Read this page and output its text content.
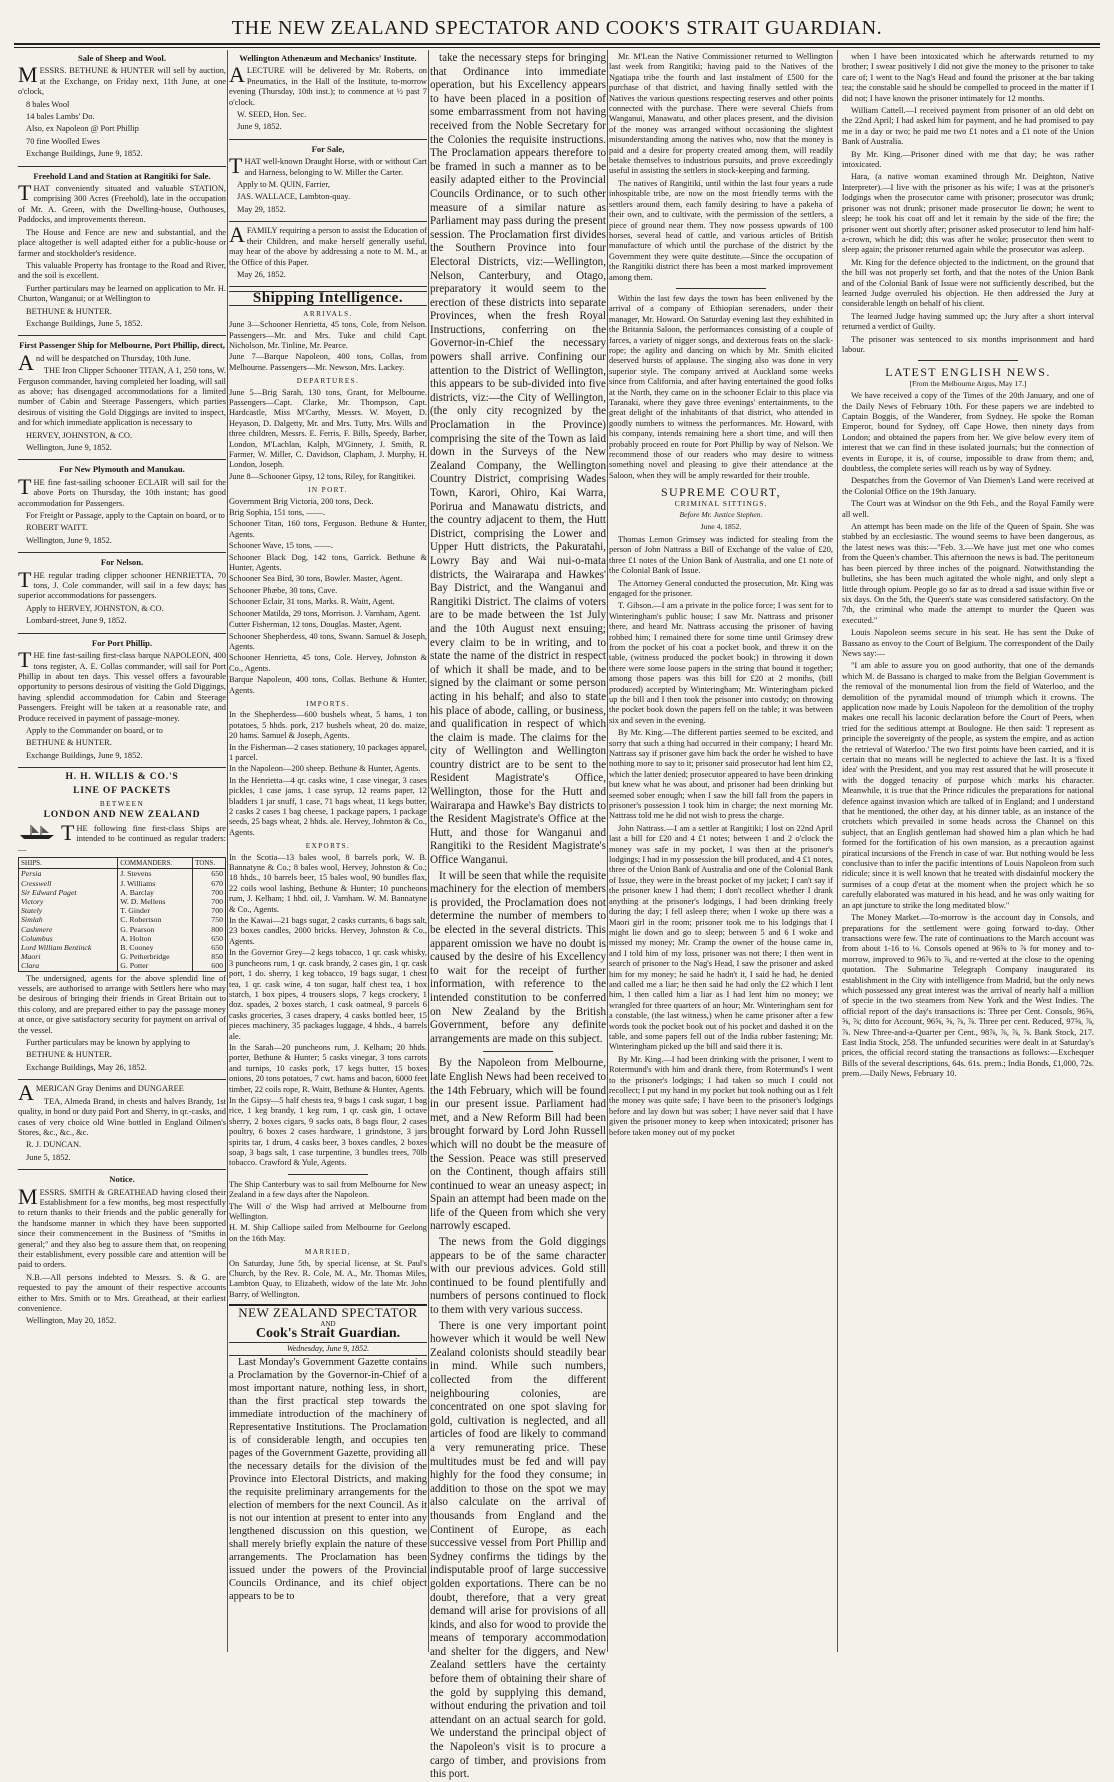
THE NEW ZEALAND SPECTATOR AND COOK'S STRAIT GUARDIAN.
Sale of Sheep and Wool.

MESSRS. BETHUNE & HUNTER will sell by auction, at the Exchange, on Friday next, 11th June, at one o'clock,

8 bales Wool

14 bales Lambs' Do.

Also, ex Napoleon @ Port Phillip

70 fine Woolled Ewes

Exchange Buildings, June 9, 1852.

Freehold Land and Station at Rangitiki for Sale.

THAT conveniently situated and valuable STATION, comprising 300 Acres (Freehold), late in the occupation of Mr. A. Green, with the Dwelling-house, Outhouses, Paddocks, and improvements thereon.

The House and Fence are new and substantial, and the place altogether is well adapted either for a public-house or farmer and stockholder's residence.

This valuable Property has frontage to the Road and River, and the soil is excellent.

Further particulars may be learned on application to Mr. H. Churton, Wanganui; or at Wellington to

BETHUNE & HUNTER.

Exchange Buildings, June 5, 1852.

First Passenger Ship for Melbourne, Port Phillip, direct,

And will be despatched on Thursday, 10th June.

THE Iron Clipper Schooner TITAN, A 1, 250 tons, W. Ferguson commander, having completed her loading, will sail as above; has disengaged accommodations for a limited number of Cabin and Steerage Passengers, which parties desirous of visiting the Gold Diggings are invited to inspect, and for which immediate application is necessary to

HERVEY, JOHNSTON, & CO.

Wellington, June 9, 1852.

For New Plymouth and Manukau.

THE fine fast-sailing schooner ECLAIR will sail for the above Ports on Thursday, the 10th instant; has good accommodation for Passengers.

For Freight or Passage, apply to the Captain on board, or to

ROBERT WAITT.

Wellington, June 9, 1852.

For Nelson.

THE regular trading clipper schooner HENRIETTA, 70 tons, J. Cole commander, will sail in a few days; has superior accommodations for passengers.

Apply to HERVEY, JOHNSTON, & CO.

Lombard-street, June 9, 1852.

For Port Phillip.

THE fine fast-sailing first-class barque NAPOLEON, 400 tons register, A. E. Collas commander, will sail for Port Phillip in about ten days. This vessel offers a favourable opportunity to persons desirous of visiting the Gold Diggings, having splendid accommodation for Cabin and Steerage Passengers. Freight will be taken at a reasonable rate, and Produce received in payment of passage-money.

Apply to the Commander on board, or to

BETHUNE & HUNTER.

Exchange Buildings, June 9, 1852.

H. H. WILLIS & CO.'S
LINE OF PACKETS
BETWEEN
LONDON AND NEW ZEALAND

THE following fine first-class Ships are intended to be continued as regular traders:—

SHIPS.	COMMANDERS.	TONS.
Persia	J. Stevens	650
Cresswell	J. Williams	670
Sir Edward Paget	A. Barclay	700
Victory	W. D. Mellens	700
Stately	T. Ginder	700
Simlah	C. Robertson	750
Cashmere	G. Pearson	800
Columbus	A. Holton	650
Lord William Bentinck	B. Cooney	650
Maori	G. Petherbridge	850
Clara	G. Potter	600

The undersigned, agents for the above splendid line of vessels, are authorised to arrange with Settlers here who may be desirous of bringing their friends in Great Britain out to this colony, and are prepared either to pay the passage money at once, or give satisfactory security for payment on arrival of the vessel.

Further particulars may be known by applying to

BETHUNE & HUNTER.

Exchange Buildings, May 26, 1852.

AMERICAN Gray Denims and DUNGAREE

TEA, Almeda Brand, in chests and halves Brandy, 1st quality, in bond or duty paid Port and Sherry, in qr.-casks, and cases of very choice old Wine bottled in England Oilmen's Stores, &c., &c., &c.

R. J. DUNCAN.

June 5, 1852.

Notice.

MESSRS. SMITH & GREATHEAD having closed their Establishment for a few months, beg most respectfully to return thanks to their friends and the public generally for the handsome manner in which they have been supported since their commencement in the Business of "Smiths in general;" and they also beg to assure them that, on reopening their establishment, every possible care and attention will be paid to orders.

N.B.—All persons indebted to Messrs. S. & G. are requested to pay the amount of their respective accounts either to Mrs. Smith or to Mrs. Greathead, at their earliest convenience.

Wellington, May 20, 1852.

Wellington Athenæum and Mechanics' Institute.

ALECTURE will be delivered by Mr. Roberts, on Pneumatics, in the Hall of the Institute, to-morrow evening (Thursday, 10th inst.); to commence at ½ past 7 o'clock.

W. SEED, Hon. Sec.

June 9, 1852.

For Sale,

THAT well-known Draught Horse, with or without Cart and Harness, belonging to W. Miller the Carter.

Apply to M. QUIN, Farrier,

JAS. WALLACE, Lambton-quay.

May 29, 1852.

AFAMILY requiring a person to assist the Education of their Children, and make herself generally useful, may hear of the above by addressing a note to M. M., at the Office of this Paper.

May 26, 1852.

Shipping Intelligence.
ARRIVALS.

June 3—Schooner Henrietta, 45 tons, Cole, from Nelson. Passengers—Mr. and Mrs. Tuke and child Capt. Nicholson, Mr. Tinline, Mr. Pearce.

June 7—Barque Napoleon, 400 tons, Collas, from Melbourne. Passengers—Mr. Newson, Mrs. Lackey.

DEPARTURES.

June 5—Brig Sarah, 130 tons, Grant, for Melbourne. Passengers—Capt. Clarke, Mr. Thompson, Capt. Hardcastle, Miss M'Carthy, Messrs. W. Moyett, D. Heyason, D. Dalgetty, Mr. and Mrs. Tutty, Mrs. Wills and three children, Messrs. E. Ferris, F. Bills, Speedy, Barber, London, M'Lachlan, Kalph, M'Ginnety, J. Smith, R. Farmer, W. Miller, C. Davidson, Clapham, J. Murphy, H. London, Joseph.

June 8—Schooner Gipsy, 12 tons, Riley, for Rangitikei.

IN PORT.

Government Brig Victoria, 200 tons, Deck.

Brig Sophia, 151 tons, ——.

Schooner Titan, 160 tons, Ferguson. Bethune & Hunter, Agents.

Schooner Wave, 15 tons, ——.

Schooner Black Dog, 142 tons, Garrick. Bethune & Hunter, Agents.

Schooner Sea Bird, 30 tons, Bowler. Master, Agent.

Schooner Phæbe, 30 tons, Cave.

Schooner Eclair, 31 tons, Marks. R. Waitt, Agent.

Schooner Matilda, 29 tons, Morrison. J. Varnham, Agent.

Cutter Fisherman, 12 tons, Douglas. Master, Agent.

Schooner Shepherdess, 40 tons, Swann. Samuel & Joseph, Agents.

Schooner Henrietta, 45 tons, Cole. Hervey, Johnston & Co., Agents.

Barque Napoleon, 400 tons, Collas. Bethune & Hunter, Agents.

IMPORTS.

In the Shepherdess—600 bushels wheat, 5 hams, 1 ton potatoes, 5 hhds. pork, 217 bushels wheat, 20 do. maize, 20 hams. Samuel & Joseph, Agents.

In the Fisherman—2 cases stationery, 10 packages apparel, 1 parcel.

In the Napoleon—200 sheep. Bethune & Hunter, Agents.

In the Henrietta—4 qr. casks wine, 1 case vinegar, 3 cases pickles, 1 case jams, 1 case syrup, 12 reams paper, 12 bladders 1 jar snuff, 1 case, 71 bags wheat, 11 kegs butter, 2 casks 2 cases 1 bag cheese, 1 package papers, 1 package seeds, 25 bags wheat, 2 hhds. ale. Hervey, Johnston & Co., Agents.

EXPORTS.

In the Scotia—13 bales wool, 8 barrels pork, W. B. Bannatyne & Co.; 8 bales wool, Hervey, Johnston & Co.; 18 hhds., 10 barrels beer, 15 bales wool, 90 bundles flax, 22 coils wool lashing, Bethune & Hunter; 10 puncheons rum, J. Kelham; 1 hhd. oil, J. Varnham. W. M. Bannatyne & Co., Agents.

In the Kawai—21 bags sugar, 2 casks currants, 6 bags salt, 23 boxes candles, 2000 bricks. Hervey, Johnston & Co., Agents.

In the Governor Grey—2 kegs tobacco, 1 qr. cask whisky, 3 puncheons rum, 1 qr. cask brandy, 2 cases gin, 1 qr. cask port, 1 do. sherry, 1 keg tobacco, 19 bags sugar, 1 chest tea, 1 qr. cask wine, 4 ton sugar, half chest tea, 1 box starch, 1 box pipes, 4 trousers slops, 7 kegs crockery, 1 doz. spades, 2 boxes starch, 1 cask oatmeal, 9 parcels 6 casks groceries, 3 cases drapery, 4 casks bottled beer, 15 pieces machinery, 35 packages luggage, 4 hhds., 4 barrels ale.

In the Sarah—20 puncheons rum, J. Kelham; 20 hhds. porter, Bethune & Hunter; 5 casks vinegar, 3 tons carrots and turnips, 10 casks pork, 17 kegs butter, 15 boxes onions, 20 tons potatoes, 7 cwt. hams and bacon, 6000 feet timber, 22 coils rope, R. Waitt, Bethune & Hunter, Agents.

In the Gipsy—5 half chests tea, 9 bags 1 cask sugar, 1 bag rice, 1 keg brandy, 1 keg rum, 1 qr. cask gin, 1 octave sherry, 2 boxes cigars, 9 sacks oats, 8 bags flour, 2 cases poultry, 6 boxes 2 cases hardware, 1 grindstone, 3 jars spirits tar, 1 drum, 4 casks beer, 3 boxes candles, 2 boxes soap, 3 bags salt, 1 case turpentine, 3 bundles trees, 70lb tobacco. Crawford & Yule, Agents.

The Ship Canterbury was to sail from Melbourne for New Zealand in a few days after the Napoleon.

The Will o' the Wisp had arrived at Melbourne from Wellington.

H. M. Ship Calliope sailed from Melbourne for Geelong on the 16th May.

MARRIED,

On Saturday, June 5th, by special license, at St. Paul's Church, by the Rev. R. Cole, M. A., Mr. Thomas Miles, Lambton Quay, to Elizabeth, widow of the late Mr. John Barry, of Wellington.

NEW ZEALAND SPECTATOR
AND
Cook's Strait Guardian.
Wednesday, June 9, 1852.

Last Monday's Government Gazette contains a Proclamation by the Governor-in-Chief of a most important nature, nothing less, in short, than the first practical step towards the immediate introduction of the machinery of Representative Institutions. The Proclamation is of considerable length, and occupies ten pages of the Government Gazette, providing all the necessary details for the division of the Province into Electoral Districts, and making the requisite preliminary arrangements for the election of members for the next Council. As it is not our intention at present to enter into any lengthened discussion on this question, we shall merely briefly explain the nature of these arrangements. The Proclamation has been issued under the powers of the Provincial Councils Ordinance, and its chief object appears to be to

take the necessary steps for bringing that Ordinance into immediate operation, but his Excellency appears to have been placed in a position of some embarrassment from not having received from the Noble Secretary for the Colonies the requisite instructions. The Proclamation appears therefore to be framed in such a manner as to be easily adapted either to the Provincial Councils Ordinance, or to such other measure of a similar nature as Parliament may pass during the present session. The Proclamation first divides the Southern Province into four Electoral Districts, viz:—Wellington, Nelson, Canterbury, and Otago, preparatory it would seem to the erection of these districts into separate Provinces, when the fresh Royal Instructions, conferring on the Governor-in-Chief the necessary powers shall arrive. Confining our attention to the District of Wellington, this appears to be sub-divided into five districts, viz:—the City of Wellington, (the only city recognized by the Proclamation in the Province) comprising the site of the Town as laid down in the Surveys of the New Zealand Company, the Wellington Country District, comprising Wades Town, Karori, Ohiro, Kai Warra, Porirua and Manawatu districts, and the country adjacent to them, the Hutt District, comprising the Lower and Upper Hutt districts, the Pakuratahi, Lowry Bay and Wai nui-o-mata districts, the Wairarapa and Hawkes' Bay District, and the Wanganui and Rangitiki District. The claims of voters are to be made between the 1st July and the 10th August next ensuing; every claim to be in writing, and to state the name of the district in respect of which it shall be made, and to be signed by the claimant or some person acting in his behalf; and also to state his place of abode, calling, or business, and qualification in respect of which the claim is made. The claims for the city of Wellington and Wellington country district are to be sent to the Resident Magistrate's Office, Wellington, those for the Hutt and Wairarapa and Hawke's Bay districts to the Resident Magistrate's Office at the Hutt, and those for Wanganui and Rangitiki to the Resident Magistrate's Office Wanganui.

It will be seen that while the requisite machinery for the election of members is provided, the Proclamation does not determine the number of members to be elected in the several districts. This apparent omission we have no doubt is caused by the desire of his Excellency to wait for the receipt of further information, with reference to the intended constitution to be conferred on New Zealand by the British Government, before any definite arrangements are made on this subject.

By the Napoleon from Melbourne, late English News had been received to the 14th February, which will be found in our present issue. Parliament had met, and a New Reform Bill had been brought forward by Lord John Russell which will no doubt be the measure of the Session. Peace was still preserved on the Continent, though affairs still continued to wear an uneasy aspect; in Spain an attempt had been made on the life of the Queen from which she very narrowly escaped.

The news from the Gold diggings appears to be of the same character with our previous advices. Gold still continued to be found plentifully and numbers of persons continued to flock to them with very various success.

There is one very important point however which it would be well New Zealand colonists should steadily bear in mind. While such numbers, collected from the different neighbouring colonies, are concentrated on one spot slaving for gold, cultivation is neglected, and all articles of food are likely to command a very remunerating price. These multitudes must be fed and will pay highly for the food they consume; in addition to those on the spot we may also calculate on the arrival of thousands from England and the Continent of Europe, as each successive vessel from Port Phillip and Sydney confirms the tidings by the indisputable proof of large successive golden exportations. There can be no doubt, therefore, that a very great demand will arise for provisions of all kinds, and also for wood to provide the means of temporary accommodation and shelter for the diggers, and New Zealand settlers have the certainty before them of obtaining their share of the gold by supplying this demand, without enduring the privation and toil attendant on an actual search for gold. We understand the principal object of the Napoleon's visit is to procure a cargo of timber, and provisions from this port.

Mr. M'Lean the Native Commissioner returned to Wellington last week from Rangitiki; having paid to the Natives of the Ngatiapa tribe the fourth and last instalment of £500 for the purchase of that district, and having finally settled with the Natives the various questions respecting reserves and other points connected with the purchase. There were several Chiefs from Wanganui, Manawatu, and other places present, and the division of the money was arranged without occasioning the slightest misunderstanding among the natives who, now that the money is paid and a desire for property created among them, will readily betake themselves to industrious pursuits, and prove exceedingly useful in assisting the settlers in stock-keeping and farming.

The natives of Rangitiki, until within the last four years a rude inhospitable tribe, are now on the most friendly terms with the settlers around them, each family desiring to have a pakeha of their own, and to cultivate, with the permission of the settlers, a piece of ground near them. They now possess upwards of 100 horses, several head of cattle, and various articles of British manufacture of which until the purchase of the district by the Government they were quite destitute.—Since the occupation of the Rangitiki district there has been a most marked improvement among them.

Within the last few days the town has been enlivened by the arrival of a company of Ethiopian serenaders, under their manager, Mr. Howard. On Saturday evening last they exhibited in the Britannia Saloon, the performances consisting of a couple of farces, a variety of nigger songs, and dexterous feats on the slack-rope; the agility and dancing on which by Mr. Smith elicited deserved bursts of applause. The singing also was done in very superior style. The company arrived at Auckland some weeks since from California, and after having entertained the good folks at the North, they came on in the schooner Eclair to this place via Taranaki, where they gave three evenings' entertainments, to the great delight of the inhabitants of that district, who attended in goodly numbers to witness the performances. Mr. Howard, with his company, intends remaining here a short time, and will then probably proceed en route for Port Phillip by way of Nelson. We recommend those of our readers who may desire to witness something novel and pleasing to give their attendance at the Saloon, when they will be amply rewarded for their trouble.

SUPREME COURT,
CRIMINAL SITTINGS.
Before Mr. Justice Stephen.
June 4, 1852.

Thomas Lemon Grimsey was indicted for stealing from the person of John Nattrass a Bill of Exchange of the value of £20, three £1 notes of the Union Bank of Australia, and one £1 note of the Colonial Bank of Issue.

The Attorney General conducted the prosecution, Mr. King was engaged for the prisoner.

T. Gibson.—I am a private in the police force; I was sent for to Winteringham's public house; I saw Mr. Nattrass and prisoner there, and heard Mr. Nattrass accusing the prisoner of having robbed him; I remained there for some time until Grimsey drew from the pocket of his coat a pocket book, and threw it on the table, (witness produced the pocket book;) in throwing it down there were some loose papers in the string that bound it together; among those papers was this bill for £20 at 2 months, (bill produced) accepted by Winteringham; Mr. Winteringham picked up the bill and I then took the prisoner into custody; on throwing the pocket book down the papers fell on the table; it was between six and seven in the evening.

By Mr. King.—The different parties seemed to be excited, and sorry that such a thing had occurred in their company; I heard Mr. Nattrass say if prisoner gave him back the order he wished to have nothing more to say to it; prisoner said prosecutor had lent him £2, which the latter denied; prosecutor appeared to have been drinking but knew what he was about, and prisoner had been drinking but seemed sober enough; when I saw the bill fall from the papers in prisoner's possession I took him in charge; the next morning Mr. Nattrass told me he did not wish to press the charge.

John Nattrass.—I am a settler at Rangitiki; I lost on 22nd April last a bill for £20 and 4 £1 notes; between 1 and 2 o'clock the money was safe in my pocket, I was then at the prisoner's lodgings; I had in my possession the bill produced, and 4 £1 notes, three of the Union Bank of Australia and one of the Colonial Bank of Issue, they were in the breast pocket of my jacket; I can't say if the prisoner knew I had them; I don't recollect whether I drank anything at the prisoner's lodgings, I had been drinking freely during the day; I fell asleep there; when I woke up there was a Maori girl in the room; prisoner took me to his lodgings that I might lie down and go to sleep; between 5 and 6 I woke and missed my money; Mr. Cramp the owner of the house came in, and I told him of my loss, prisoner was not there; I then went in search of prisoner to the Nag's Head, I saw the prisoner and asked him for my money; he said he hadn't it, I said he had, he denied and called me a liar; he then said he had only the £2 which I lent him, I then called him a liar as I had lent him no money; we wrangled for three quarters of an hour; Mr. Winteringham sent for a constable, (the last witness,) when he came prisoner after a few words took the pocket book out of his pocket and dashed it on the table, and some papers fell out of the India rubber fastening; Mr. Winteringham picked up the bill and said there it is.

By Mr. King.—I had been drinking with the prisoner, I went to Rotermund's with him and drank there, from Rotermund's I went to the prisoner's lodgings; I had taken so much I could not recollect; I put my hand in my pocket but took nothing out as I felt the money was quite safe; I have been to the prisoner's lodgings before and lay down but was sober; I have never said that I have given the prisoner money to keep when intoxicated; prisoner has before taken money out of my pocket

when I have been intoxicated which he afterwards returned to my brother; I swear positively I did not give the money to the prisoner to take care of; I went to the Nag's Head and found the prisoner at the bar taking tea; the constable said he should be compelled to proceed in the matter if I did not; I have known the prisoner intimately for 12 months.

William Cattell.—I received payment from prisoner of an old debt on the 22nd April; I had asked him for payment, and he had promised to pay me in a day or two; he paid me two £1 notes and a £1 note of the Union Bank of Australia.

By Mr. King.—Prisoner dined with me that day; he was rather intoxicated.

Hara, (a native woman examined through Mr. Deighton, Native Interpreter).—I live with the prisoner as his wife; I was at the prisoner's lodgings when the prosecutor came with prisoner; prosecutor was drunk; prisoner was not drunk; prisoner made prosecutor lie down; he went to sleep; he took his coat off and let it remain by the side of the fire; the prisoner went out shortly after; prisoner asked prosecutor to lend him half-a-crown, which he did; this was after he woke; prosecutor then went to sleep again; the prisoner returned again while the prosecutor was asleep.

Mr. King for the defence objected to the indictment, on the ground that the bill was not properly set forth, and that the notes of the Union Bank and of the Colonial Bank of Issue were not sufficiently described, but the learned Judge overruled his objection. He then addressed the Jury at considerable length on behalf of his client.

The learned Judge having summed up; the Jury after a short interval returned a verdict of Guilty.

The prisoner was sentenced to six months imprisonment and hard labour.

LATEST ENGLISH NEWS.
[From the Melbourne Argus, May 17.]

We have received a copy of the Times of the 20th January, and one of the Daily News of February 10th. For these papers we are indebted to Captain Boggis, of the Wanderer, from Sydney. He spoke the Roman Emperor, bound for Sydney, off Cape Howe, then ninety days from London; and obtained the papers from her. We give below every item of interest that we can find in these isolated journals; but the connection of events in Europe, it is, of course, impossible to draw from them; and, doubtless, the complete series will reach us by way of Sydney.

Despatches from the Governor of Van Diemen's Land were received at the Colonial Office on the 19th January.

The Court was at Windsor on the 9th Feb., and the Royal Family were all well.

An attempt has been made on the life of the Queen of Spain. She was stabbed by an ecclesiastic. The wound seems to have been dangerous, as the latest news was this:—"Feb. 3.—We have just met one who comes from the Queen's chamber. This afternoon the news is bad. The peritoneum has been pierced by three inches of the poignard. Notwithstanding the bulletins, she has been much agitated the whole night, and only slept a little through opium. People go so far as to dread a sad issue within five or six days. On the 5th, the Queen's state was considered satisfactory. On the 7th, the criminal who made the attempt to murder the Queen was executed."

Louis Napoleon seems secure in his seat. He has sent the Duke of Bassano as envoy to the Court of Belgium. The correspondent of the Daily News say:—

"I am able to assure you on good authority, that one of the demands which M. de Bassano is charged to make from the Belgian Government is the removal of the monumental lion from the field of Waterloo, and the demolition of the pyramidal mound of triumph which it crowns. The application now made by Louis Napoleon for the demolition of the trophy makes one recall his laconic declaration before the Court of Peers, when tried for the seditious attempt at Boulogne. He then said: 'I represent as principle the sovereignty of the people, as system the empire, and as action the retrieval of Waterloo.' The two first points have been carried, and it is certain that no means will be neglected to achieve the last. It is a 'fixed idea' with the President, and you may rest assured that he will prosecute it with the dogged tenacity of purpose which marks his character. Meanwhile, it is true that the Prince ridicules the preparations for national defence against invasion which are talked of in England; and I understand that he mentioned, the other day, at his dinner table, as an instance of the crotchets which prevailed in some heads across the Channel on this subject, that an English gentleman had showed him a plan which he had formed for the fortification of his own mansion, as a precaution against piratical incursions of the French in case of war. But nothing would be less conclusive than to infer the pacific intentions of Louis Napoleon from such ridicule; since it is well known that he treated with disdainful mockery the surmises of a coup d'etat at the moment when the project which he so carefully elaborated was matured in his head, and he was only waiting for an apt juncture to strike the long meditated blow."

The Money Market.—To-morrow is the account day in Consols, and preparations for the settlement were going forward to-day. Other transactions were few. The rate of continuations to the March account was from about 1-16 to ⅛. Consols opened at 96⅝ to ⅞ for money and to-morrow, improved to 96⅞ to ⅞, and re-verted at the close to the opening quotation. The Submarine Telegraph Company inaugurated its establishment in the City with intelligence from Madrid, but the only news which possessed any great interest was the arrival of nearly half a million of specie in the two steamers from New York and the West Indies. The official report of the day's transactions is: Three per Cent. Consols, 96⅝, ⅝, ⅞; ditto for Account, 96⅝, ⅝, ⅞, ⅞. Three per cent. Reduced, 97⅝, ⅞, ⅞. New Three-and-a-Quarter per Cent., 98⅞, ⅞, ⅞, ⅞. Bank Stock, 217. East India Stock, 258. The unfunded securities were dealt in at Saturday's prices, the official record stating the transactions as follows:—Exchequer Bills of the several descriptions, 64s. 61s. prem.; India Bonds, £1,000, 72s. prem.—Daily News, February 10.
